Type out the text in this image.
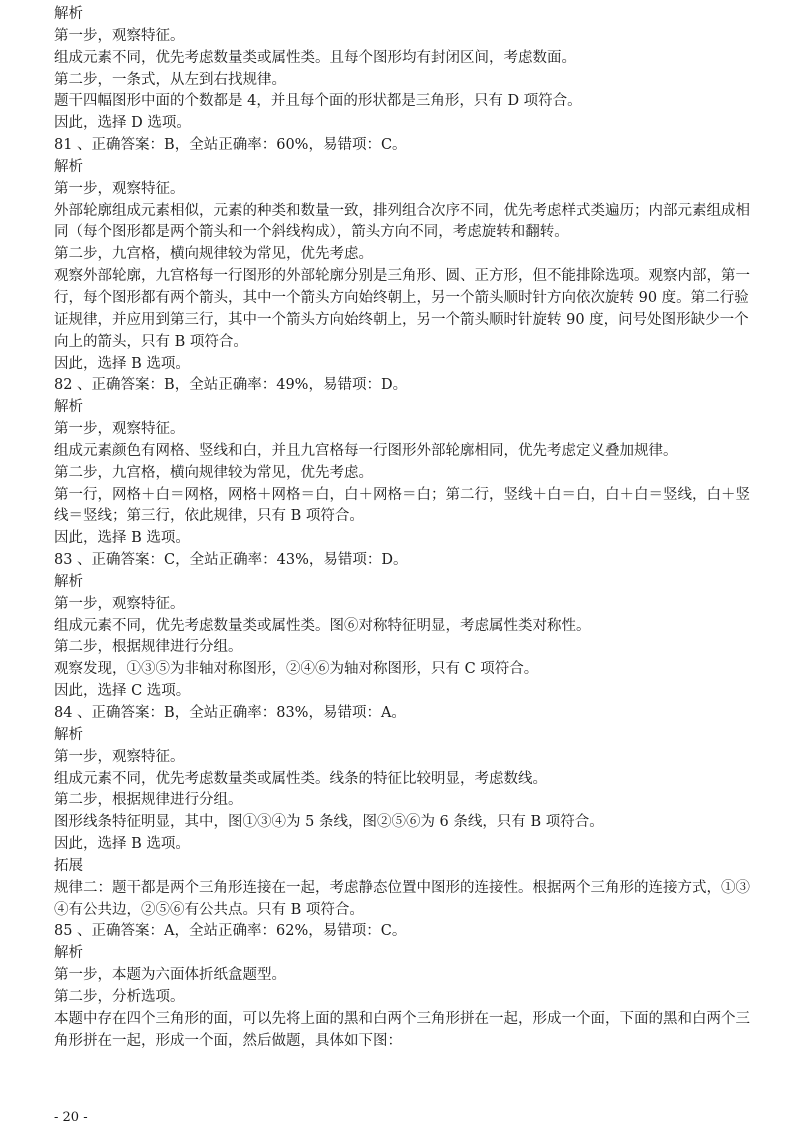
解析

第一步，观察特征。

组成元素不同，优先考虑数量类或属性类。且每个图形均有封闭区间，考虑数面。

第二步，一条式，从左到右找规律。

题干四幅图形中面的个数都是 4，并且每个面的形状都是三角形，只有 D 项符合。

因此，选择 D 选项。

81 、正确答案：B，全站正确率：60%，易错项：C。

解析

第一步，观察特征。

外部轮廓组成元素相似，元素的种类和数量一致，排列组合次序不同，优先考虑样式类遍历；内部元素组成相

同（每个图形都是两个箭头和一个斜线构成），箭头方向不同，考虑旋转和翻转。

第二步，九宫格，横向规律较为常见，优先考虑。

观察外部轮廓，九宫格每一行图形的外部轮廓分别是三角形、圆、正方形，但不能排除选项。观察内部，第一

行，每个图形都有两个箭头，其中一个箭头方向始终朝上，另一个箭头顺时针方向依次旋转 90 度。第二行验

证规律，并应用到第三行，其中一个箭头方向始终朝上，另一个箭头顺时针旋转 90 度，问号处图形缺少一个

向上的箭头，只有 B 项符合。

因此，选择 B 选项。

82 、正确答案：B，全站正确率：49%，易错项：D。

解析

第一步，观察特征。

组成元素颜色有网格、竖线和白，并且九宫格每一行图形外部轮廓相同，优先考虑定义叠加规律。

第二步，九宫格，横向规律较为常见，优先考虑。

第一行，网格＋白＝网格，网格＋网格＝白，白＋网格＝白；第二行，竖线＋白＝白，白＋白＝竖线，白＋竖

线＝竖线；第三行，依此规律，只有 B 项符合。

因此，选择 B 选项。

83 、正确答案：C，全站正确率：43%，易错项：D。

解析

第一步，观察特征。

组成元素不同，优先考虑数量类或属性类。图⑥对称特征明显，考虑属性类对称性。

第二步，根据规律进行分组。

观察发现，①③⑤为非轴对称图形，②④⑥为轴对称图形，只有 C 项符合。

因此，选择 C 选项。

84 、正确答案：B，全站正确率：83%，易错项：A。

解析

第一步，观察特征。

组成元素不同，优先考虑数量类或属性类。线条的特征比较明显，考虑数线。

第二步，根据规律进行分组。

图形线条特征明显，其中，图①③④为 5 条线，图②⑤⑥为 6 条线，只有 B 项符合。

因此，选择 B 选项。

拓展

规律二：题干都是两个三角形连接在一起，考虑静态位置中图形的连接性。根据两个三角形的连接方式，①③

④有公共边，②⑤⑥有公共点。只有 B 项符合。

85 、正确答案：A，全站正确率：62%，易错项：C。

解析

第一步，本题为六面体折纸盒题型。

第二步，分析选项。

本题中存在四个三角形的面，可以先将上面的黑和白两个三角形拼在一起，形成一个面，下面的黑和白两个三

角形拼在一起，形成一个面，然后做题，具体如下图：

- 20 -
